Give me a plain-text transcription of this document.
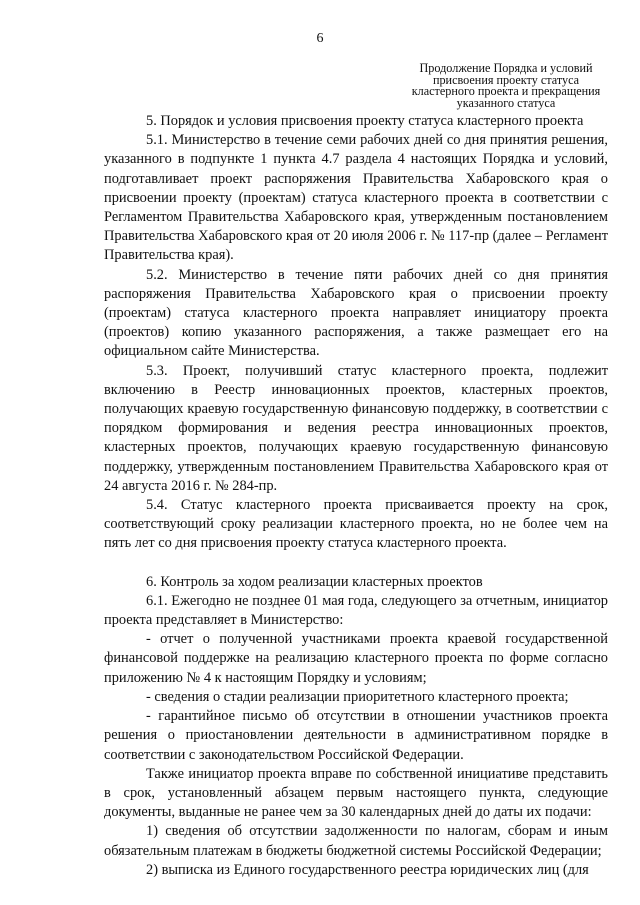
6
Продолжение Порядка и условий
присвоения проекту статуса
кластерного проекта и прекращения
указанного статуса

5. Порядок и условия присвоения проекту статуса кластерного проекта

5.1. Министерство в течение семи рабочих дней со дня принятия решения, указанного в подпункте 1 пункта 4.7 раздела 4 настоящих Порядка и условий, подготавливает проект распоряжения Правительства Хабаровского края о присвоении проекту (проектам) статуса кластерного проекта в соответствии с Регламентом Правительства Хабаровского края, утвержденным постановлением Правительства Хабаровского края от 20 июля 2006 г. № 117-пр (далее – Регламент Правительства края).

5.2. Министерство в течение пяти рабочих дней со дня принятия распоряжения Правительства Хабаровского края о присвоении проекту (проектам) статуса кластерного проекта направляет инициатору проекта (проектов) копию указанного распоряжения, а также размещает его на официальном сайте Министерства.

5.3. Проект, получивший статус кластерного проекта, подлежит включению в Реестр инновационных проектов, кластерных проектов, получающих краевую государственную финансовую поддержку, в соответствии с порядком формирования и ведения реестра инновационных проектов, кластерных проектов, получающих краевую государственную финансовую поддержку, утвержденным постановлением Правительства Хабаровского края от 24 августа 2016 г. № 284-пр.

5.4. Статус кластерного проекта присваивается проекту на срок, соответствующий сроку реализации кластерного проекта, но не более чем на пять лет со дня присвоения проекту статуса кластерного проекта.

6. Контроль за ходом реализации кластерных проектов

6.1. Ежегодно не позднее 01 мая года, следующего за отчетным, инициатор проекта представляет в Министерство:

- отчет о полученной участниками проекта краевой государственной финансовой поддержке на реализацию кластерного проекта по форме согласно приложению № 4 к настоящим Порядку и условиям;

- сведения о стадии реализации приоритетного кластерного проекта;

- гарантийное письмо об отсутствии в отношении участников проекта решения о приостановлении деятельности в административном порядке в соответствии с законодательством Российской Федерации.

Также инициатор проекта вправе по собственной инициативе представить в срок, установленный абзацем первым настоящего пункта, следующие документы, выданные не ранее чем за 30 календарных дней до даты их подачи:

1) сведения об отсутствии задолженности по налогам, сборам и иным обязательным платежам в бюджеты бюджетной системы Российской Федерации;

2) выписка из Единого государственного реестра юридических лиц (для
